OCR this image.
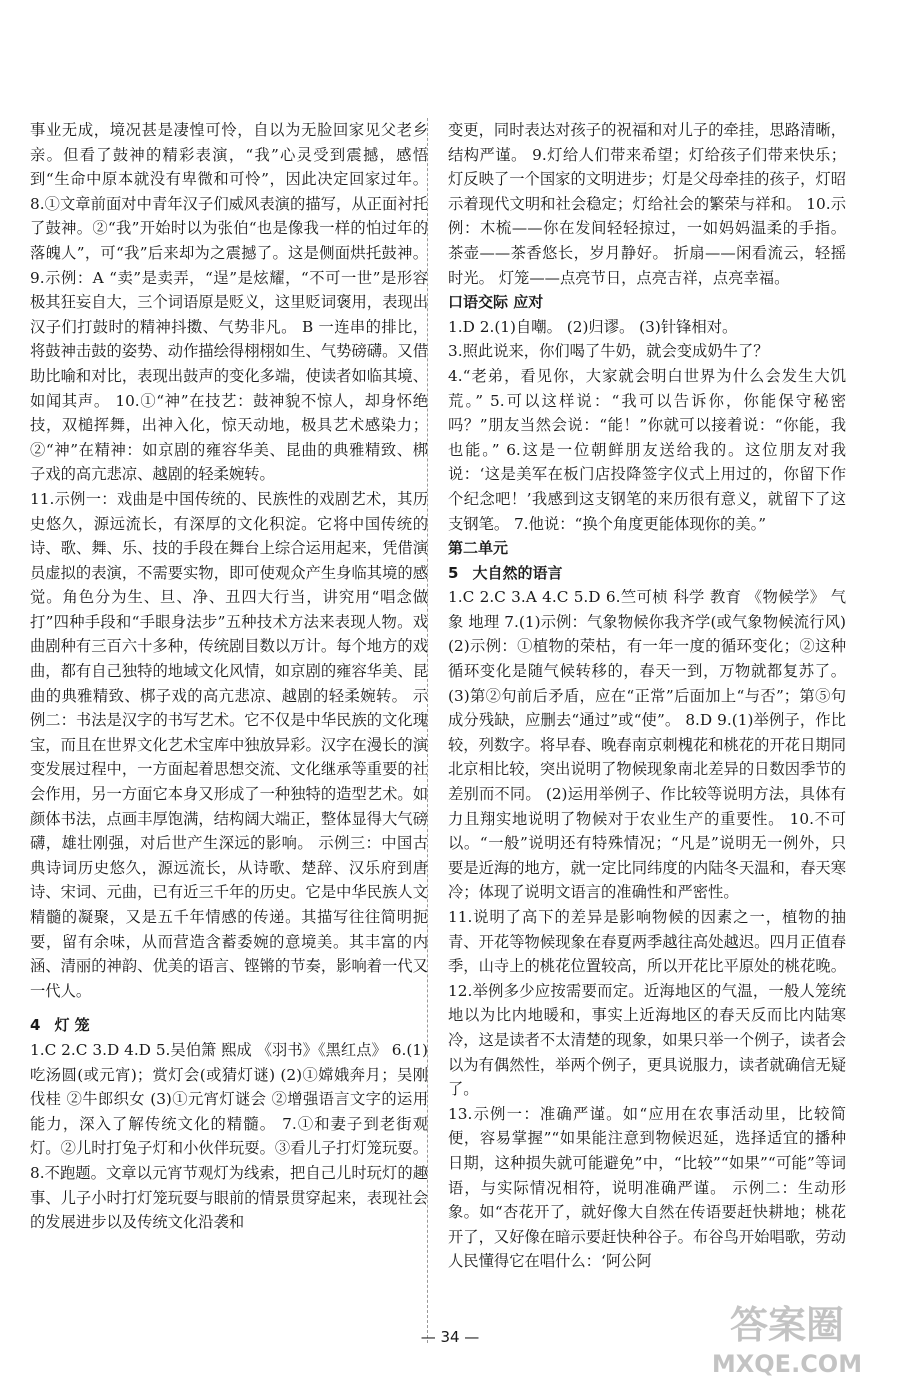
事业无成，境况甚是凄惶可怜，自以为无脸回家见父老乡亲。但看了鼓神的精彩表演，“我”心灵受到震撼，感悟到“生命中原本就没有卑微和可怜”，因此决定回家过年。 8.①文章前面对中青年汉子们威风表演的描写，从正面衬托了鼓神。②“我”开始时以为张伯“也是像我一样的怕过年的落魄人”，可“我”后来却为之震撼了。这是侧面烘托鼓神。 9.示例：A “卖”是卖弄，“逞”是炫耀，“不可一世”是形容极其狂妄自大，三个词语原是贬义，这里贬词褒用，表现出汉子们打鼓时的精神抖擞、气势非凡。 B 一连串的排比，将鼓神击鼓的姿势、动作描绘得栩栩如生、气势磅礴。又借助比喻和对比，表现出鼓声的变化多端，使读者如临其境、如闻其声。 10.①“神”在技艺：鼓神貌不惊人，却身怀绝技，双槌挥舞，出神入化，惊天动地，极具艺术感染力；②“神”在精神：如京剧的雍容华美、昆曲的典雅精致、梆子戏的高亢悲凉、越剧的轻柔婉转。

11.示例一：戏曲是中国传统的、民族性的戏剧艺术，其历史悠久，源远流长，有深厚的文化积淀。它将中国传统的诗、歌、舞、乐、技的手段在舞台上综合运用起来，凭借演员虚拟的表演，不需要实物，即可使观众产生身临其境的感觉。角色分为生、旦、净、丑四大行当，讲究用“唱念做打”四种手段和“手眼身法步”五种技术方法来表现人物。戏曲剧种有三百六十多种，传统剧目数以万计。每个地方的戏曲，都有自己独特的地域文化风情，如京剧的雍容华美、昆曲的典雅精致、梆子戏的高亢悲凉、越剧的轻柔婉转。 示例二：书法是汉字的书写艺术。它不仅是中华民族的文化瑰宝，而且在世界文化艺术宝库中独放异彩。汉字在漫长的演变发展过程中，一方面起着思想交流、文化继承等重要的社会作用，另一方面它本身又形成了一种独特的造型艺术。如颜体书法，点画丰厚饱满，结构阔大端正，整体显得大气磅礴，雄壮刚强，对后世产生深远的影响。 示例三：中国古典诗词历史悠久，源远流长，从诗歌、楚辞、汉乐府到唐诗、宋词、元曲，已有近三千年的历史。它是中华民族人文精髓的凝聚，又是五千年情感的传递。其描写往往简明扼要，留有余味，从而营造含蓄委婉的意境美。其丰富的内涵、清丽的神韵、优美的语言、铿锵的节奏，影响着一代又一代人。

4 灯 笼

1.C 2.C 3.D 4.D 5.吴伯箫 熙成 《羽书》《黑红点》 6.(1)吃汤圆(或元宵)；赏灯会(或猜灯谜) (2)①嫦娥奔月；吴刚伐桂 ②牛郎织女 (3)①元宵灯谜会 ②增强语言文字的运用能力，深入了解传统文化的精髓。 7.①和妻子到老街观灯。②儿时打兔子灯和小伙伴玩耍。③看儿子打灯笼玩耍。 8.不跑题。文章以元宵节观灯为线索，把自己儿时玩灯的趣事、儿子小时打灯笼玩耍与眼前的情景贯穿起来，表现社会的发展进步以及传统文化沿袭和

变更，同时表达对孩子的祝福和对儿子的牵挂，思路清晰，结构严谨。 9.灯给人们带来希望；灯给孩子们带来快乐；灯反映了一个国家的文明进步；灯是父母牵挂的孩子，灯昭示着现代文明和社会稳定；灯给社会的繁荣与祥和。 10.示例：木梳——你在发间轻轻掠过，一如妈妈温柔的手指。 茶壶——茶香悠长，岁月静好。 折扇——闲看流云，轻摇时光。 灯笼——点亮节日，点亮吉祥，点亮幸福。

口语交际 应对

1.D 2.(1)自嘲。 (2)归谬。 (3)针锋相对。

3.照此说来，你们喝了牛奶，就会变成奶牛了？

4.“老弟，看见你，大家就会明白世界为什么会发生大饥荒。” 5.可以这样说：“我可以告诉你，你能保守秘密吗？”朋友当然会说：“能！”你就可以接着说：“你能，我也能。” 6.这是一位朝鲜朋友送给我的。这位朋友对我说：‘这是美军在板门店投降签字仪式上用过的，你留下作个纪念吧！’我感到这支钢笔的来历很有意义，就留下了这支钢笔。 7.他说：“换个角度更能体现你的美。”

第二单元

5 大自然的语言

1.C 2.C 3.A 4.C 5.D 6.竺可桢 科学 教育 《物候学》 气象 地理 7.(1)示例：气象物候你我齐学(或气象物候流行风) (2)示例：①植物的荣枯，有一年一度的循环变化；②这种循环变化是随气候转移的，春天一到，万物就都复苏了。 (3)第②句前后矛盾，应在“正常”后面加上“与否”；第⑤句成分残缺，应删去“通过”或“使”。 8.D 9.(1)举例子，作比较，列数字。将早春、晚春南京刺槐花和桃花的开花日期同北京相比较，突出说明了物候现象南北差异的日数因季节的差别而不同。 (2)运用举例子、作比较等说明方法，具体有力且翔实地说明了物候对于农业生产的重要性。 10.不可以。“一般”说明还有特殊情况；“凡是”说明无一例外，只要是近海的地方，就一定比同纬度的内陆冬天温和，春天寒冷；体现了说明文语言的准确性和严密性。

11.说明了高下的差异是影响物候的因素之一，植物的抽青、开花等物候现象在春夏两季越往高处越迟。四月正值春季，山寺上的桃花位置较高，所以开花比平原处的桃花晚。 12.举例多少应按需要而定。近海地区的气温，一般人笼统地以为比内地暖和，事实上近海地区的春天反而比内陆寒冷，这是读者不太清楚的现象，如果只举一个例子，读者会以为有偶然性，举两个例子，更具说服力，读者就确信无疑了。

13.示例一：准确严谨。如“应用在农事活动里，比较简便，容易掌握”“如果能注意到物候迟延，选择适宜的播种日期，这种损失就可能避免”中，“比较”“如果”“可能”等词语，与实际情况相符，说明准确严谨。 示例二：生动形象。如“杏花开了，就好像大自然在传语要赶快耕地；桃花开了，又好像在暗示要赶快种谷子。布谷鸟开始唱歌，劳动人民懂得它在唱什么：‘阿公阿

— 34 —	答案圈
MXQE.COM
